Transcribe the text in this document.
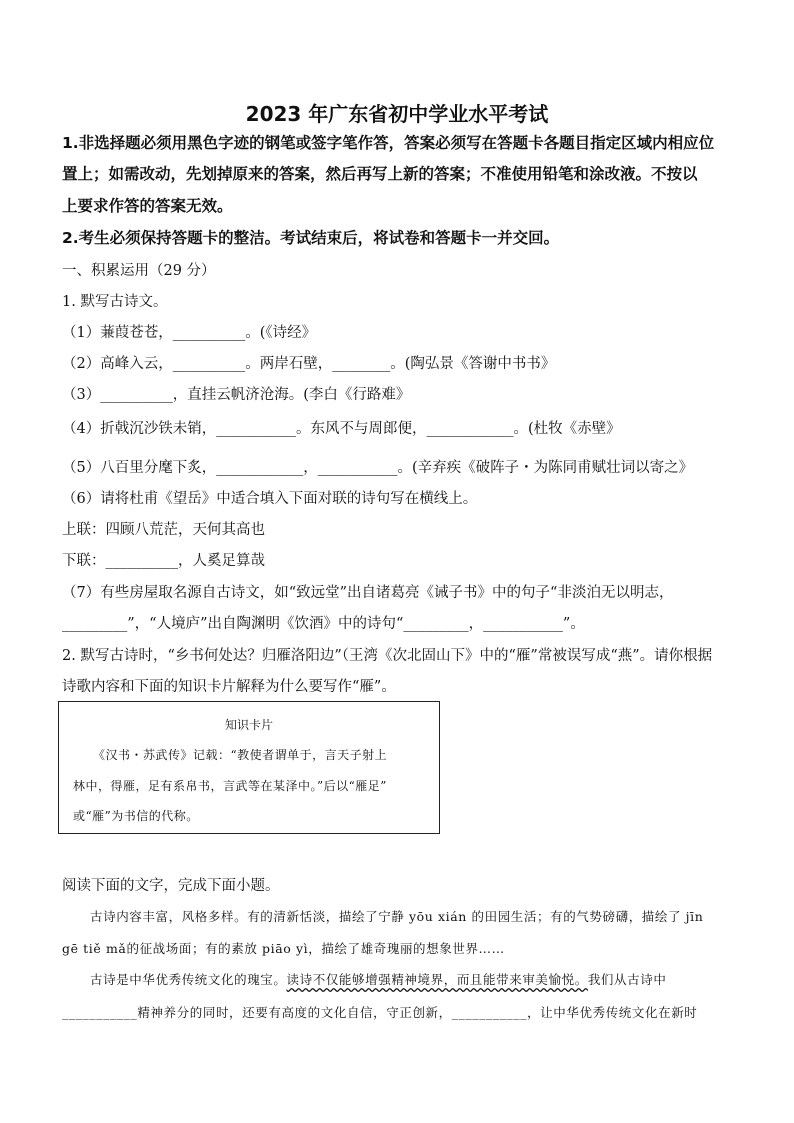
2023 年广东省初中学业水平考试
1.非选择题必须用黑色字迹的钢笔或签字笔作答，答案必须写在答题卡各题目指定区域内相应位
置上；如需改动，先划掉原来的答案，然后再写上新的答案；不准使用铅笔和涂改液。不按以
上要求作答的答案无效。
2.考生必须保持答题卡的整洁。考试结束后，将试卷和答题卡一并交回。
一、积累运用（29 分）
1. 默写古诗文。
（1）蒹葭苍苍，__________。(《诗经》
（2）高峰入云，__________。两岸石壁，________。(陶弘景《答谢中书书》
（3）__________，直挂云帆济沧海。(李白《行路难》
（4）折戟沉沙铁未销，___________。东风不与周郎便，____________。(杜牧《赤壁》
（5）八百里分麾下炙，____________，___________。(辛弃疾《破阵子・为陈同甫赋壮词以寄之》
（6）请将杜甫《望岳》中适合填入下面对联的诗句写在横线上。
上联：四顾八荒茫，天何其高也
下联：__________，人奚足算哉
（7）有些房屋取名源自古诗文，如“致远堂”出自诸葛亮《诫子书》中的句子“非淡泊无以明志，
_________”，“人境庐”出自陶渊明《饮酒》中的诗句“_________，___________”。
2. 默写古诗时，“乡书何处达？归雁洛阳边”（王湾《次北固山下》中的“雁”常被误写成“燕”。请你根据
诗歌内容和下面的知识卡片解释为什么要写作“雁”。
知识卡片
《汉书・苏武传》记载：“教使者谓单于，言天子射上
林中，得雁，足有系帛书，言武等在某泽中。”后以“雁足”
或“雁”为书信的代称。
阅读下面的文字，完成下面小题。
古诗内容丰富，风格多样。有的清新恬淡，描绘了宁静 yōu xián 的田园生活；有的气势磅礴，描绘了 jīn
gē tiě mǎ的征战场面；有的素放 piāo yì，描绘了雄奇瑰丽的想象世界……
古诗是中华优秀传统文化的瑰宝。读诗不仅能够增强精神境界，而且能带来审美愉悦。我们从古诗中
___________精神养分的同时，还要有高度的文化自信，守正创新，___________，让中华优秀传统文化在新时
